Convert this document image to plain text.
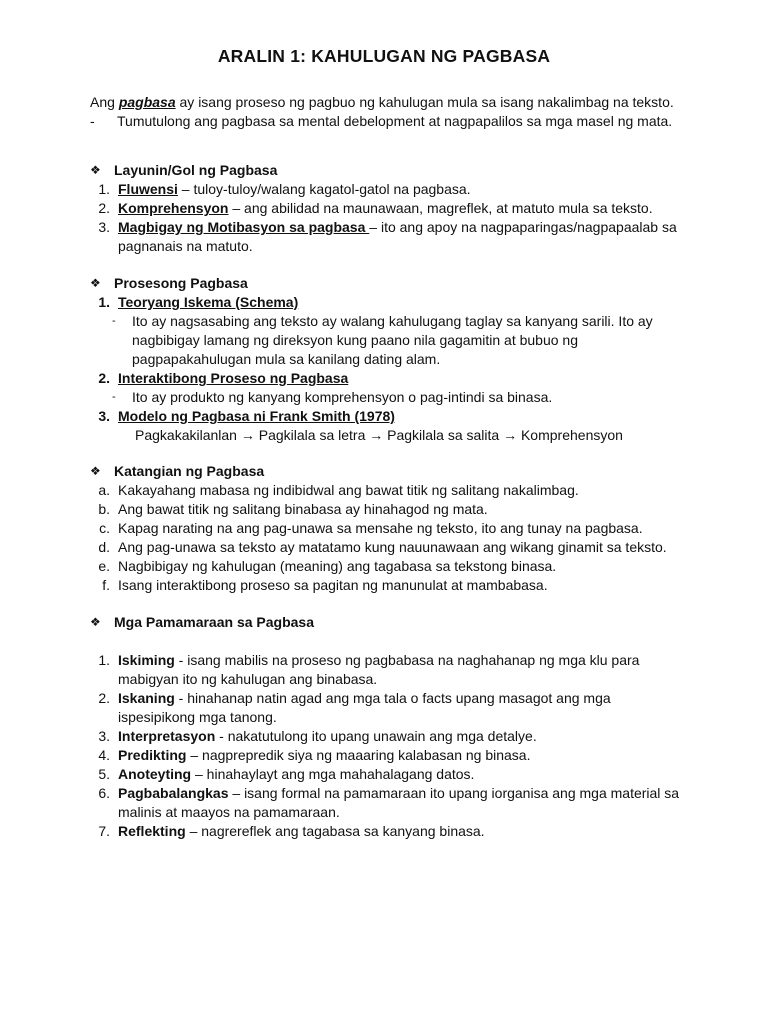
ARALIN 1: KAHULUGAN NG PAGBASA
Ang pagbasa ay isang proseso ng pagbuo ng kahulugan mula sa isang nakalimbag na teksto.
-	Tumutulong ang pagbasa sa mental debelopment at nagpapalilos sa mga masel ng mata.
❖ Layunin/Gol ng Pagbasa
1. Fluwensi – tuloy-tuloy/walang kagatol-gatol na pagbasa.
2. Komprehensyon – ang abilidad na maunawaan, magreflek, at matuto mula sa teksto.
3. Magbigay ng Motibasyon sa pagbasa – ito ang apoy na nagpaparingas/nagpapaalab sa pagnanais na matuto.
❖ Prosesong Pagbasa
1. Teoryang Iskema (Schema)
-	Ito ay nagsasabing ang teksto ay walang kahulugang taglay sa kanyang sarili. Ito ay nagbibigay lamang ng direksyon kung paano nila gagamitin at bubuo ng pagpapakahulugan mula sa kanilang dating alam.
2. Interaktibong Proseso ng Pagbasa
-	Ito ay produkto ng kanyang komprehensyon o pag-intindi sa binasa.
3. Modelo ng Pagbasa ni Frank Smith (1978)
Pagkakakilanlan → Pagkilala sa letra → Pagkilala sa salita → Komprehensyon
❖ Katangian ng Pagbasa
a. Kakayahang mabasa ng indibidwal ang bawat titik ng salitang nakalimbag.
b. Ang bawat titik ng salitang binabasa ay hinahagod ng mata.
c. Kapag narating na ang pag-unawa sa mensahe ng teksto, ito ang tunay na pagbasa.
d. Ang pag-unawa sa teksto ay matatamo kung nauunawaan ang wikang ginamit sa teksto.
e. Nagbibigay ng kahulugan (meaning) ang tagabasa sa tekstong binasa.
f. Isang interaktibong proseso sa pagitan ng manunulat at mambabasa.
❖ Mga Pamamaraan sa Pagbasa
1. Iskiming - isang mabilis na proseso ng pagbabasa na naghahanap ng mga klu para mabigyan ito ng kahulugan ang binabasa.
2. Iskaning - hinahanap natin agad ang mga tala o facts upang masagot ang mga ispesipikong mga tanong.
3. Interpretasyon - nakatutulong ito upang unawain ang mga detalye.
4. Predikting – nagprepredik siya ng maaaring kalabasan ng binasa.
5. Anoteyting – hinahaylayt ang mga mahahalagang datos.
6. Pagbabalangkas – isang formal na pamamaraan ito upang iorganisa ang mga material sa malinis at maayos na pamamaraan.
7. Reflekting – nagrereflek ang tagabasa sa kanyang binasa.
